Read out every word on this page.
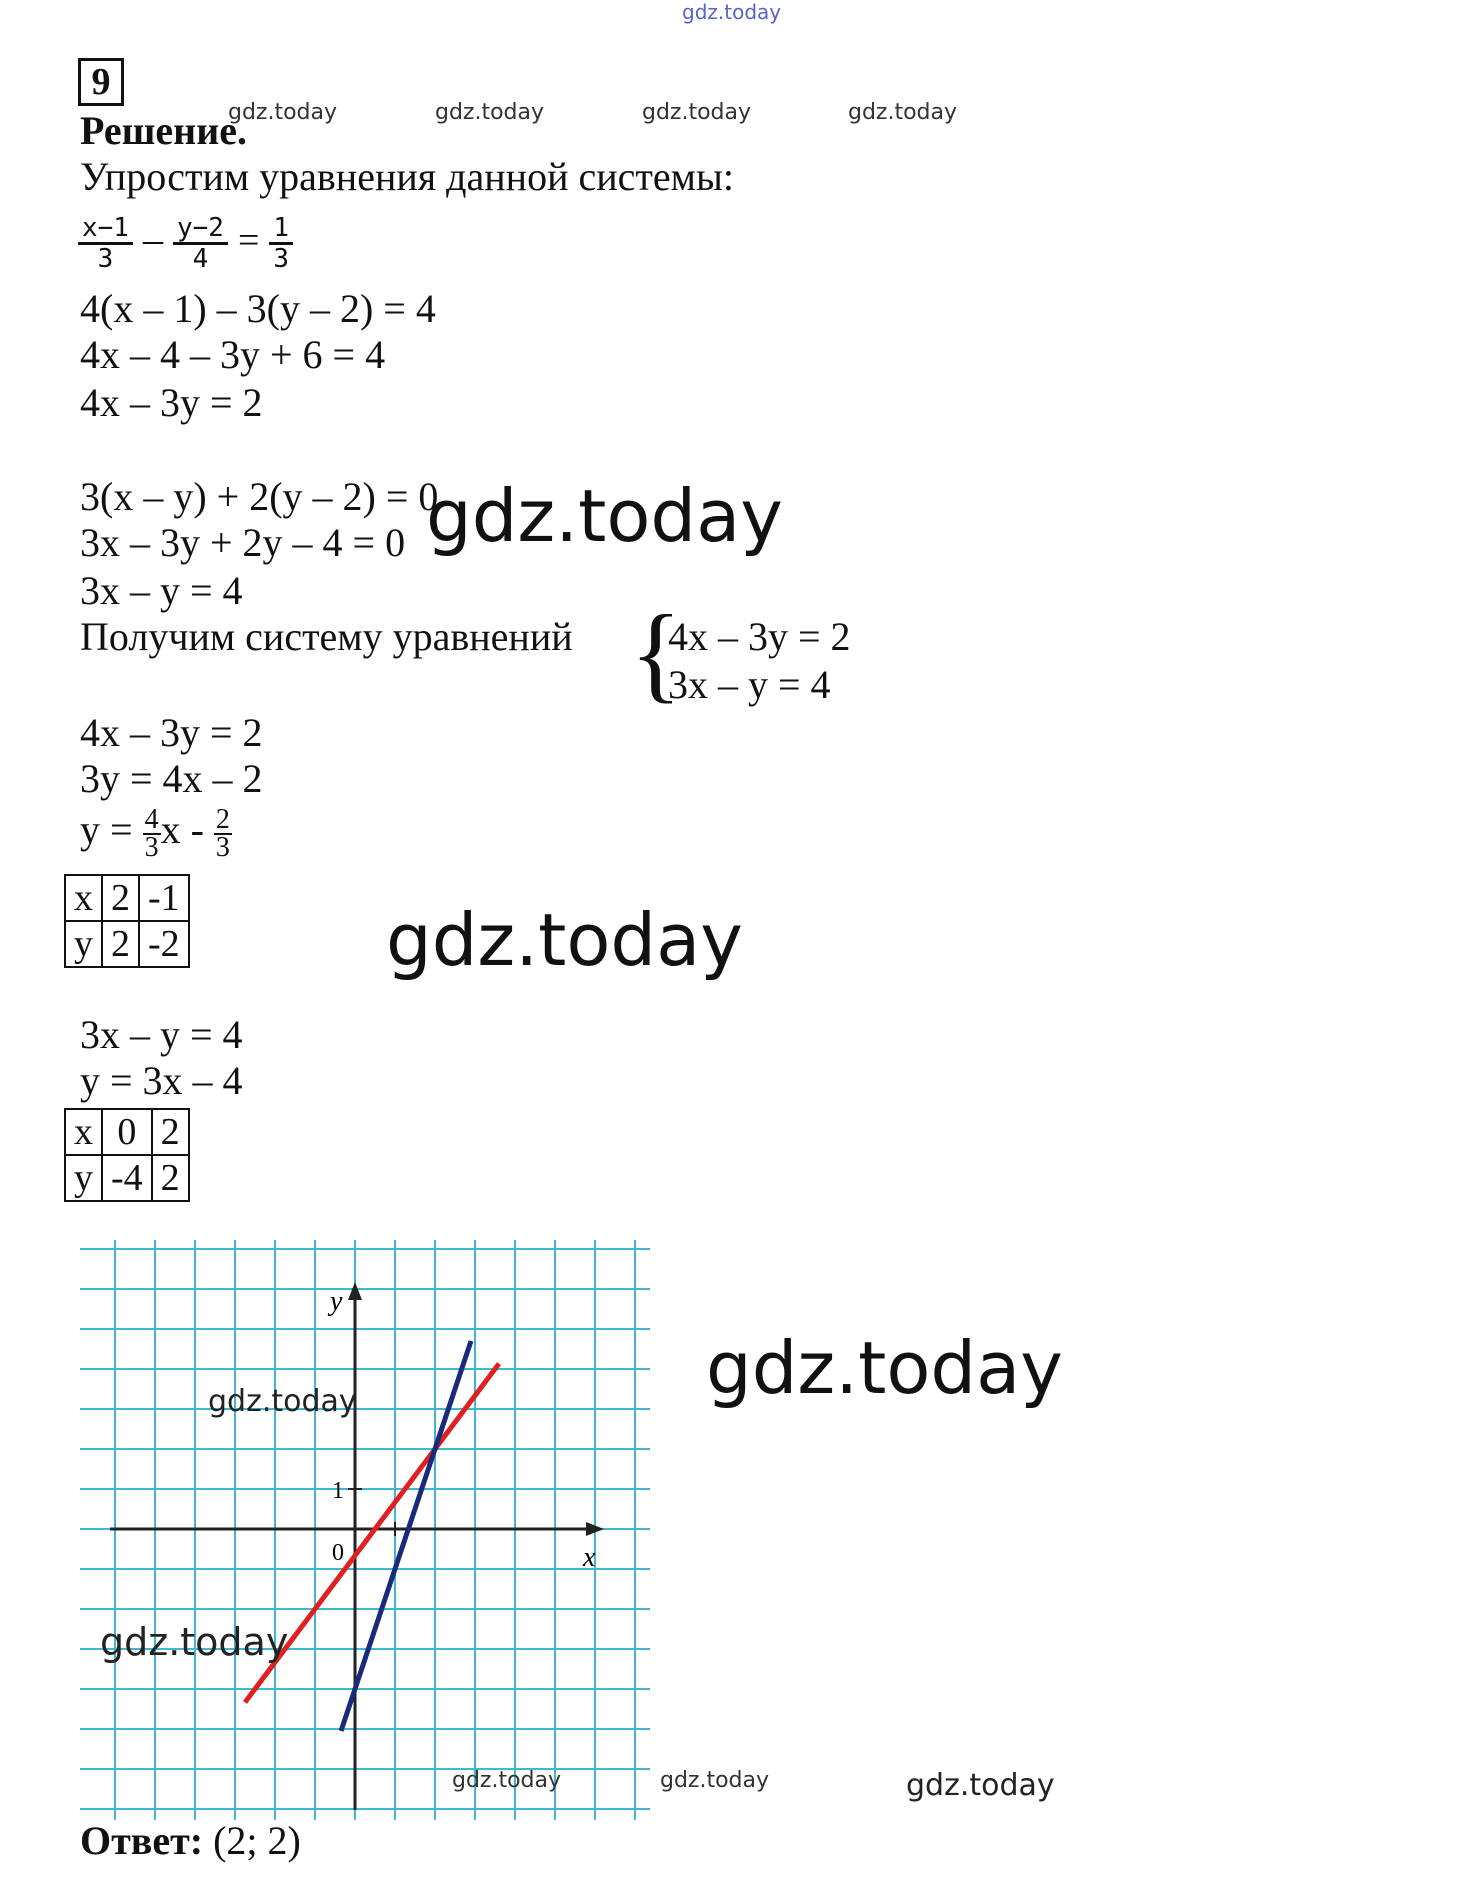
gdz.today
9
gdz.today	gdz.today	gdz.today	gdz.today
Решение.
Упростим уравнения данной системы:
$\frac{x-1}{3} - \frac{y-2}{4} = \frac{1}{3}$
4(x – 1) – 3(y – 2) = 4
4x – 4 – 3y + 6 = 4
4x – 3y = 2
3(x – y) + 2(y – 2) = 0
3x – 3y + 2y – 4 = 0
3x – y = 4
gdz.today
Получим систему уравнений {
4x – 3y = 2
3x – y = 4
4x – 3y = 2
3y = 4x – 2
$y = \frac{4}{3}$ x - $\frac{2}{3}$
x	2	-1
y	2	-2	gdz.today
3x – y = 4
y = 3x – 4
x	0	2
y	-4	2
y
x
0
1
gdz.today
gdz.today
gdz.today
gdz.today	gdz.today	gdz.today
Ответ: (2; 2)
